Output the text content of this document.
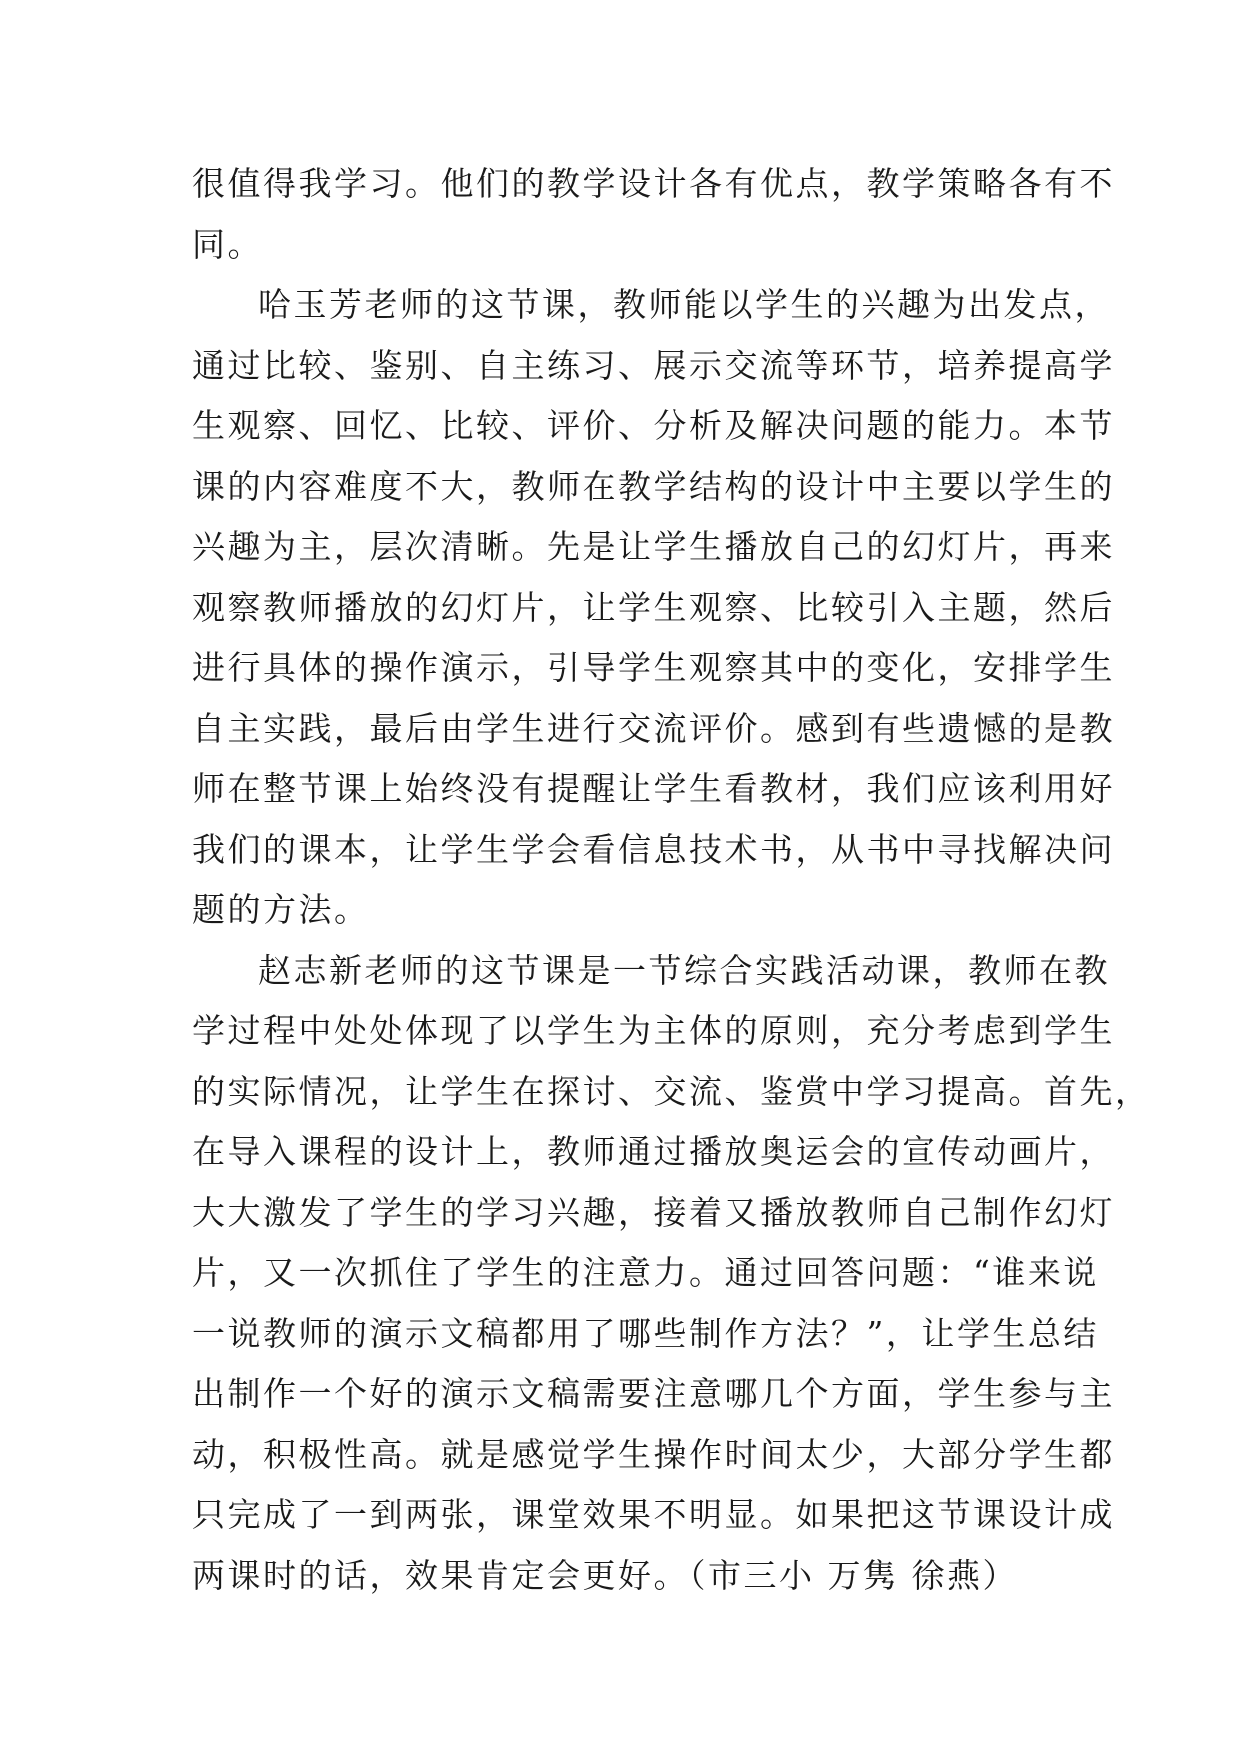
很值得我学习。他们的教学设计各有优点，教学策略各有不
同。
哈玉芳老师的这节课，教师能以学生的兴趣为出发点，
通过比较、鉴别、自主练习、展示交流等环节，培养提高学
生观察、回忆、比较、评价、分析及解决问题的能力。本节
课的内容难度不大，教师在教学结构的设计中主要以学生的
兴趣为主，层次清晰。先是让学生播放自己的幻灯片，再来
观察教师播放的幻灯片，让学生观察、比较引入主题，然后
进行具体的操作演示，引导学生观察其中的变化，安排学生
自主实践，最后由学生进行交流评价。感到有些遗憾的是教
师在整节课上始终没有提醒让学生看教材，我们应该利用好
我们的课本，让学生学会看信息技术书，从书中寻找解决问
题的方法。
赵志新老师的这节课是一节综合实践活动课，教师在教
学过程中处处体现了以学生为主体的原则，充分考虑到学生
的实际情况，让学生在探讨、交流、鉴赏中学习提高。首先，
在导入课程的设计上，教师通过播放奥运会的宣传动画片，
大大激发了学生的学习兴趣，接着又播放教师自己制作幻灯
片，又一次抓住了学生的注意力。通过回答问题：“谁来说
一说教师的演示文稿都用了哪些制作方法？”，让学生总结
出制作一个好的演示文稿需要注意哪几个方面，学生参与主
动，积极性高。就是感觉学生操作时间太少，大部分学生都
只完成了一到两张，课堂效果不明显。如果把这节课设计成
两课时的话，效果肯定会更好。（市三小 万隽 徐燕）
